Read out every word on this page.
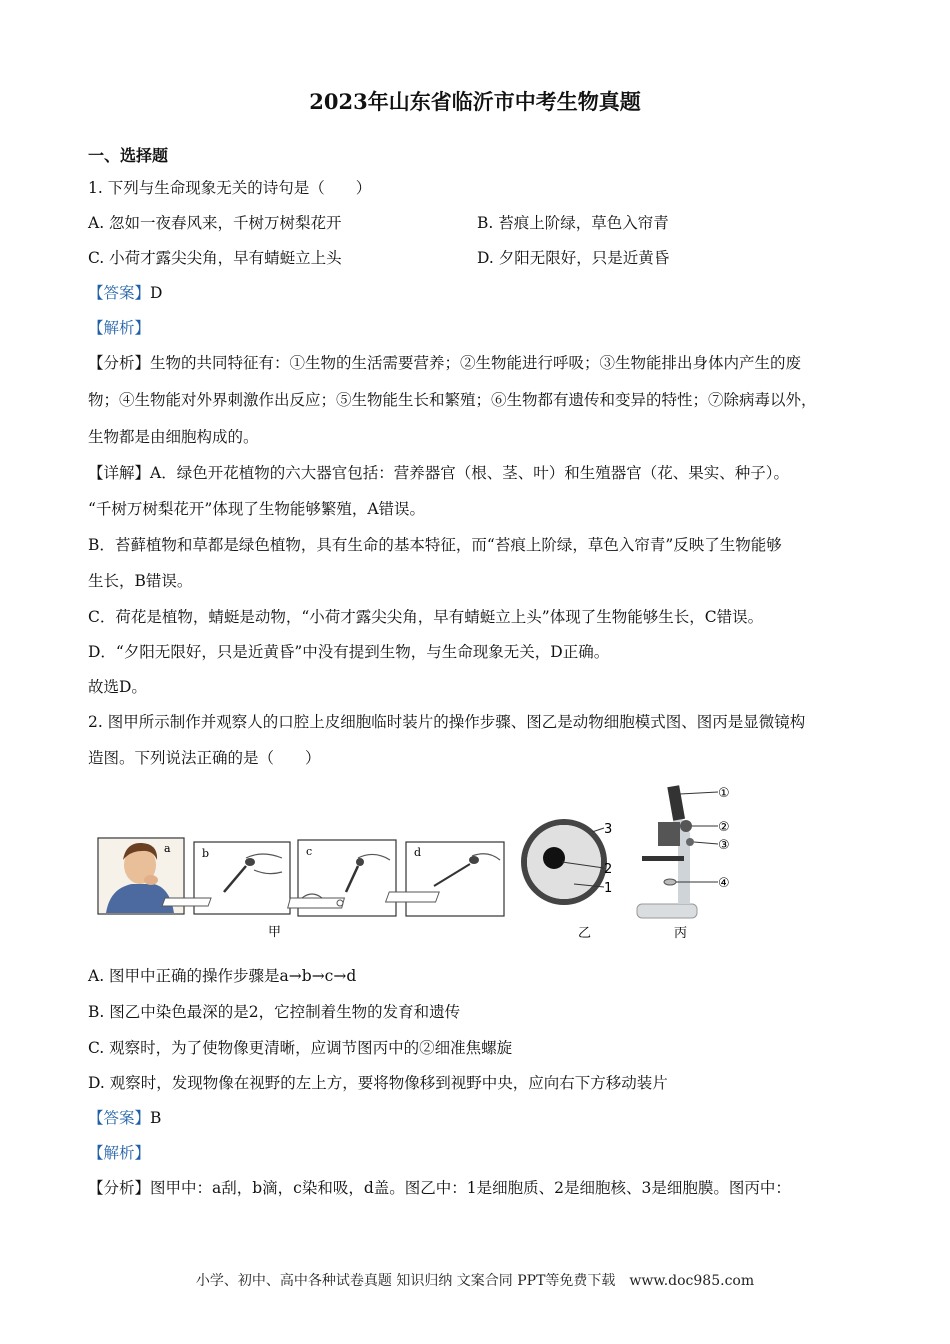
2023年山东省临沂市中考生物真题
一、选择题
1. 下列与生命现象无关的诗句是（　　）
A. 忽如一夜春风来，千树万树梨花开	B. 苔痕上阶绿，草色入帘青
C. 小荷才露尖尖角，早有蜻蜓立上头	D. 夕阳无限好，只是近黄昏
【答案】D
【解析】
【分析】生物的共同特征有：①生物的生活需要营养；②生物能进行呼吸；③生物能排出身体内产生的废
物；④生物能对外界刺激作出反应；⑤生物能生长和繁殖；⑥生物都有遗传和变异的特性；⑦除病毒以外，
生物都是由细胞构成的。
【详解】A．绿色开花植物的六大器官包括：营养器官（根、茎、叶）和生殖器官（花、果实、种子）。
“千树万树梨花开”体现了生物能够繁殖，A错误。
B．苔藓植物和草都是绿色植物，具有生命的基本特征，而“苔痕上阶绿，草色入帘青”反映了生物能够
生长，B错误。
C．荷花是植物，蜻蜓是动物，“小荷才露尖尖角，早有蜻蜓立上头”体现了生物能够生长，C错误。
D．“夕阳无限好，只是近黄昏”中没有提到生物，与生命现象无关，D正确。
故选D。
2. 图甲所示制作并观察人的口腔上皮细胞临时装片的操作步骤、图乙是动物细胞模式图、图丙是显微镜构
造图。下列说法正确的是（　　）
a	b	c	d
甲
3
2
1
乙
①
②
③
④
丙
A. 图甲中正确的操作步骤是a→b→c→d
B. 图乙中染色最深的是2，它控制着生物的发育和遗传
C. 观察时，为了使物像更清晰，应调节图丙中的②细准焦螺旋
D. 观察时，发现物像在视野的左上方，要将物像移到视野中央，应向右下方移动装片
【答案】B
【解析】
【分析】图甲中：a刮，b滴，c染和吸，d盖。图乙中：1是细胞质、2是细胞核、3是细胞膜。图丙中：
小学、初中、高中各种试卷真题 知识归纳 文案合同 PPT等免费下载 www.doc985.com
